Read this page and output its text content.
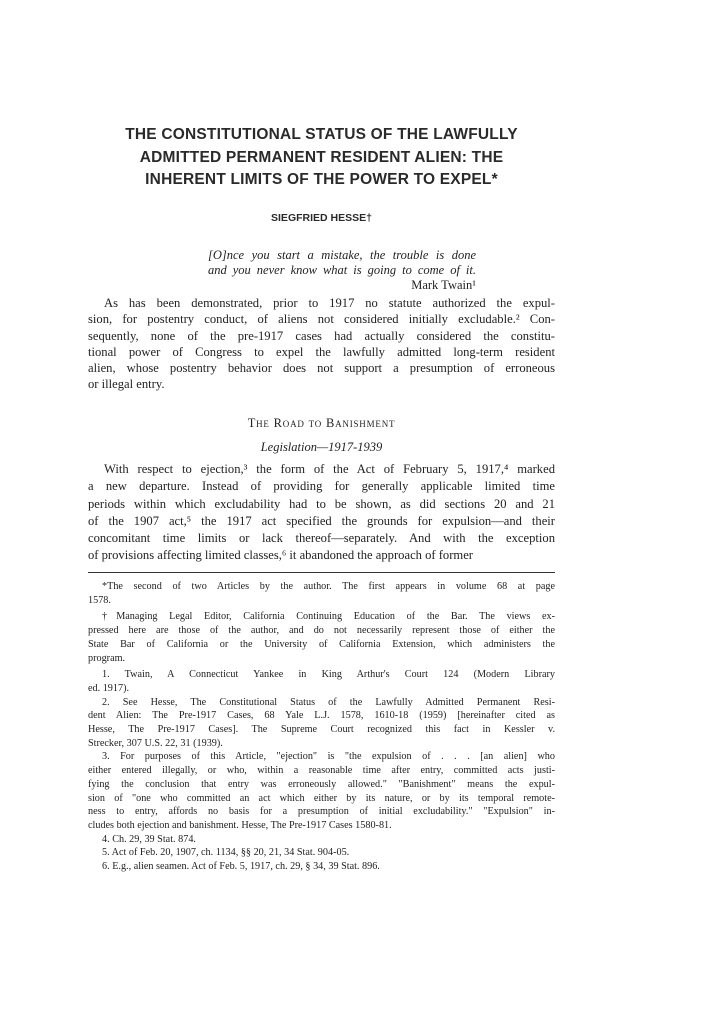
THE CONSTITUTIONAL STATUS OF THE LAWFULLY
ADMITTED PERMANENT RESIDENT ALIEN: THE
INHERENT LIMITS OF THE POWER TO EXPEL*
SIEGFRIED HESSE†
[O]nce you start a mistake, the trouble is done
and you never know what is going to come of it.
Mark Twain¹
As has been demonstrated, prior to 1917 no statute authorized the expul-
sion, for postentry conduct, of aliens not considered initially excludable.² Con-
sequently, none of the pre-1917 cases had actually considered the constitu-
tional power of Congress to expel the lawfully admitted long-term resident
alien, whose postentry behavior does not support a presumption of erroneous
or illegal entry.
The Road to Banishment
Legislation—1917-1939
With respect to ejection,³ the form of the Act of February 5, 1917,⁴ marked
a new departure. Instead of providing for generally applicable limited time
periods within which excludability had to be shown, as did sections 20 and 21
of the 1907 act,⁵ the 1917 act specified the grounds for expulsion—and their
concomitant time limits or lack thereof—separately. And with the exception
of provisions affecting limited classes,⁶ it abandoned the approach of former
*The second of two Articles by the author. The first appears in volume 68 at page
1578.
†Managing Legal Editor, California Continuing Education of the Bar. The views ex-
pressed here are those of the author, and do not necessarily represent those of either the
State Bar of California or the University of California Extension, which administers the
program.
1. Twain, A Connecticut Yankee in King Arthur's Court 124 (Modern Library
ed. 1917).
2. See Hesse, The Constitutional Status of the Lawfully Admitted Permanent Resi-
dent Alien: The Pre-1917 Cases, 68 Yale L.J. 1578, 1610-18 (1959) [hereinafter cited as
Hesse, The Pre-1917 Cases]. The Supreme Court recognized this fact in Kessler v.
Strecker, 307 U.S. 22, 31 (1939).
3. For purposes of this Article, "ejection" is "the expulsion of . . . [an alien] who
either entered illegally, or who, within a reasonable time after entry, committed acts justi-
fying the conclusion that entry was erroneously allowed." "Banishment" means the expul-
sion of "one who committed an act which either by its nature, or by its temporal remote-
ness to entry, affords no basis for a presumption of initial excludability." "Expulsion" in-
cludes both ejection and banishment. Hesse, The Pre-1917 Cases 1580-81.
4. Ch. 29, 39 Stat. 874.
5. Act of Feb. 20, 1907, ch. 1134, §§ 20, 21, 34 Stat. 904-05.
6. E.g., alien seamen. Act of Feb. 5, 1917, ch. 29, § 34, 39 Stat. 896.
